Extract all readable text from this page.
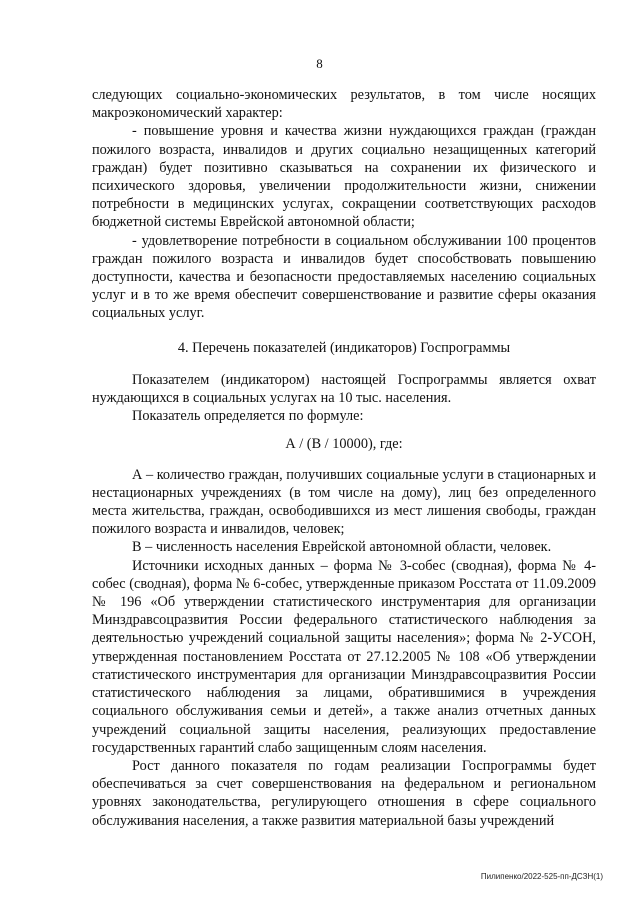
8

следующих социально-экономических результатов, в том числе носящих макроэкономический характер:

- повышение уровня и качества жизни нуждающихся граждан (граждан пожилого возраста, инвалидов и других социально незащищенных категорий граждан) будет позитивно сказываться на сохранении их физического и психического здоровья, увеличении продолжительности жизни, снижении потребности в медицинских услугах, сокращении соответствующих расходов бюджетной системы Еврейской автономной области;

- удовлетворение потребности в социальном обслуживании 100 процентов граждан пожилого возраста и инвалидов будет способствовать повышению доступности, качества и безопасности предоставляемых населению социальных услуг и в то же время обеспечит совершенствование и развитие сферы оказания социальных услуг.

4. Перечень показателей (индикаторов) Госпрограммы

Показателем (индикатором) настоящей Госпрограммы является охват нуждающихся в социальных услугах на 10 тыс. населения.

Показатель определяется по формуле:

А / (В / 10000), где:

А – количество граждан, получивших социальные услуги в стационарных и нестационарных учреждениях (в том числе на дому), лиц без определенного места жительства, граждан, освободившихся из мест лишения свободы, граждан пожилого возраста и инвалидов, человек;

В – численность населения Еврейской автономной области, человек.

Источники исходных данных – форма № 3-собес (сводная), форма № 4-собес (сводная), форма № 6-собес, утвержденные приказом Росстата от 11.09.2009 № 196 «Об утверждении статистического инструментария для организации Минздравсоцразвития России федерального статистического наблюдения за деятельностью учреждений социальной защиты населения»; форма № 2-УСОН, утвержденная постановлением Росстата от 27.12.2005 № 108 «Об утверждении статистического инструментария для организации Минздравсоцразвития России статистического наблюдения за лицами, обратившимися в учреждения социального обслуживания семьи и детей», а также анализ отчетных данных учреждений социальной защиты населения, реализующих предоставление государственных гарантий слабо защищенным слоям населения.

Рост данного показателя по годам реализации Госпрограммы будет обеспечиваться за счет совершенствования на федеральном и региональном уровнях законодательства, регулирующего отношения в сфере социального обслуживания населения, а также развития материальной базы учреждений

Пилипенко/2022-525-пп-ДСЗН(1)
